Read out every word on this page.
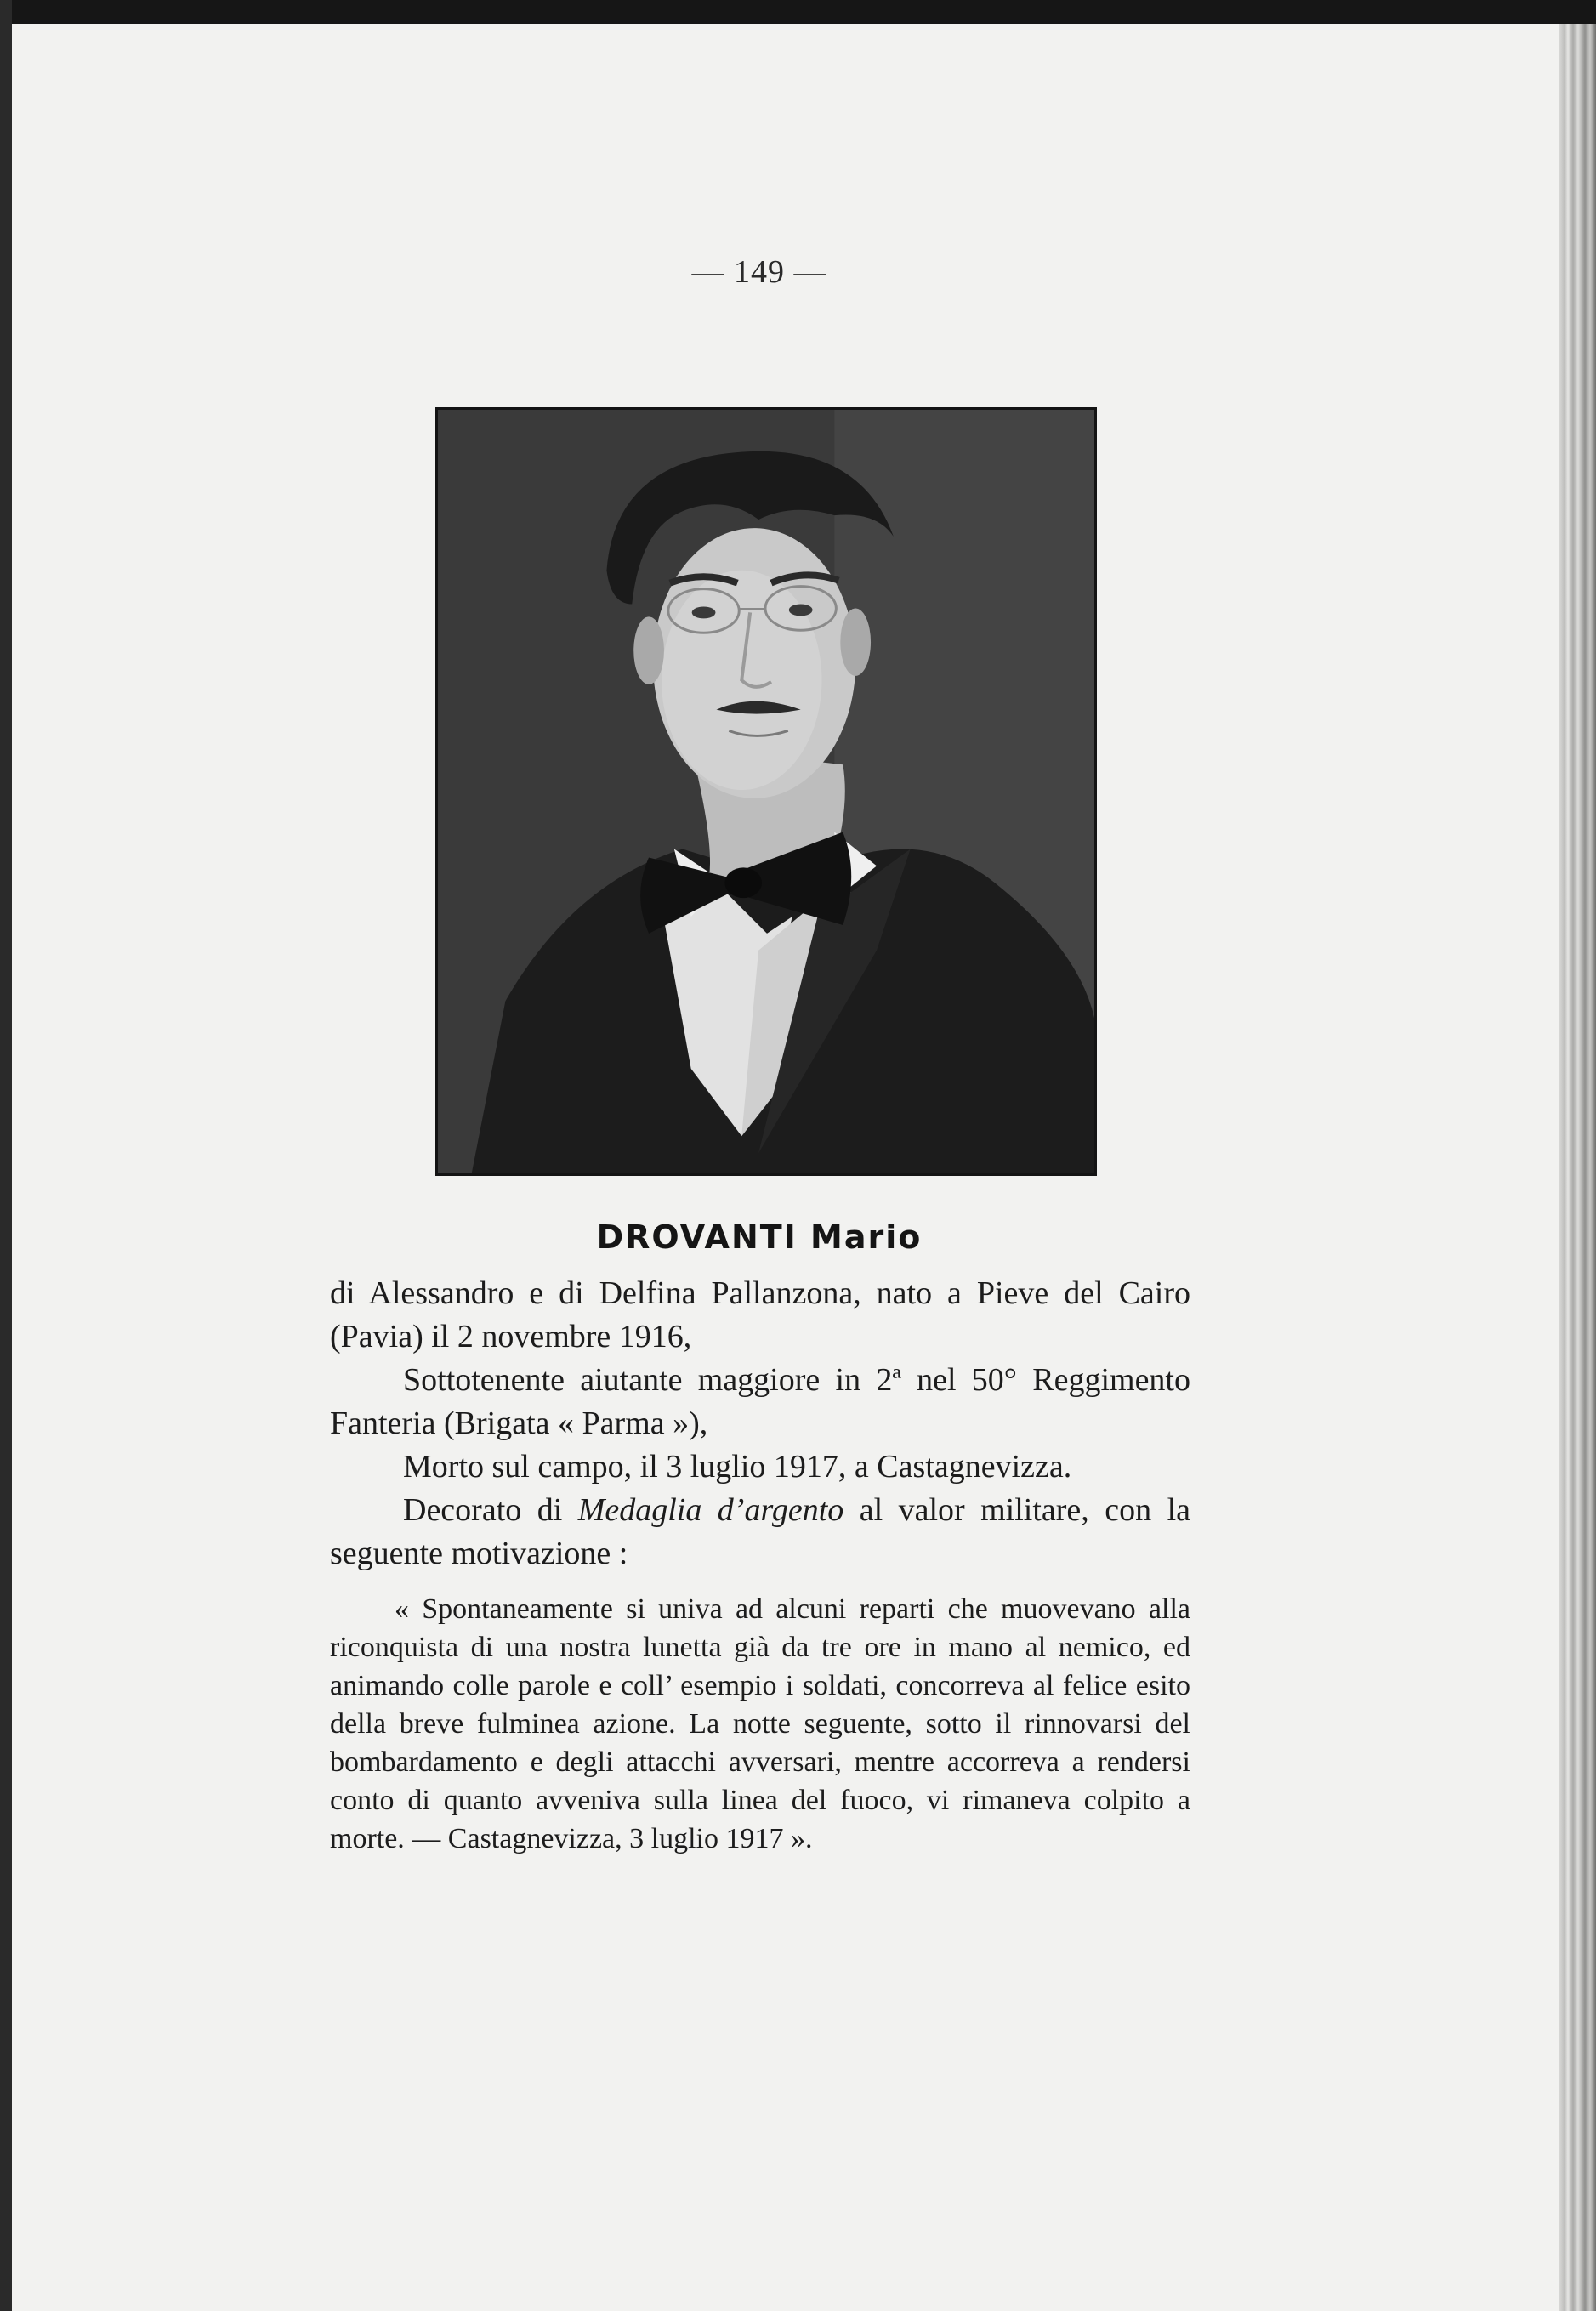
— 149 —
DROVANTI Mario

di Alessandro e di Delfina Pallanzona, nato a Pieve del Cairo (Pavia) il 2 novembre 1916,

Sottotenente aiutante maggiore in 2ª nel 50° Reggimento Fanteria (Brigata « Parma »),

Morto sul campo, il 3 luglio 1917, a Castagnevizza.

Decorato di Medaglia d’argento al valor militare, con la seguente motivazione :

« Spontaneamente si univa ad alcuni reparti che muovevano alla riconquista di una nostra lunetta già da tre ore in mano al nemico, ed animando colle parole e coll’ esempio i soldati, concorreva al felice esito della breve fulminea azione. La notte seguente, sotto il rinnovarsi del bombardamento e degli attacchi avversari, mentre accorreva a rendersi conto di quanto avveniva sulla linea del fuoco, vi rimaneva colpito a morte. — Castagnevizza, 3 luglio 1917 ».
